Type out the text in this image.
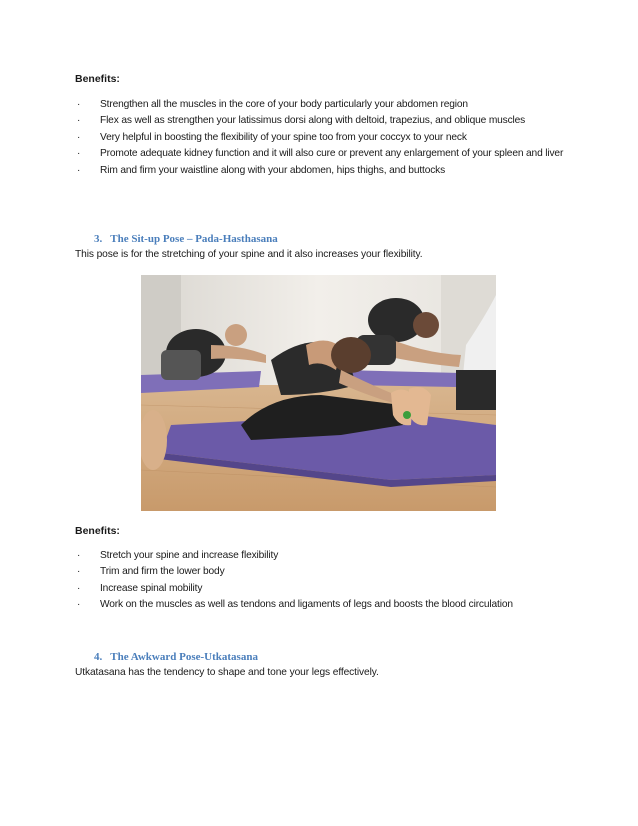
Benefits:
· Strengthen all the muscles in the core of your body particularly your abdomen region
· Flex as well as strengthen your latissimus dorsi along with deltoid, trapezius, and oblique muscles
· Very helpful in boosting the flexibility of your spine too from your coccyx to your neck
· Promote adequate kidney function and it will also cure or prevent any enlargement of your spleen and liver
· Rim and firm your waistline along with your abdomen, hips thighs, and buttocks
3. The Sit-up Pose – Pada-Hasthasana
This pose is for the stretching of your spine and it also increases your flexibility.
Benefits:
· Stretch your spine and increase flexibility
· Trim and firm the lower body
· Increase spinal mobility
· Work on the muscles as well as tendons and ligaments of legs and boosts the blood circulation
4. The Awkward Pose-Utkatasana
Utkatasana has the tendency to shape and tone your legs effectively.
